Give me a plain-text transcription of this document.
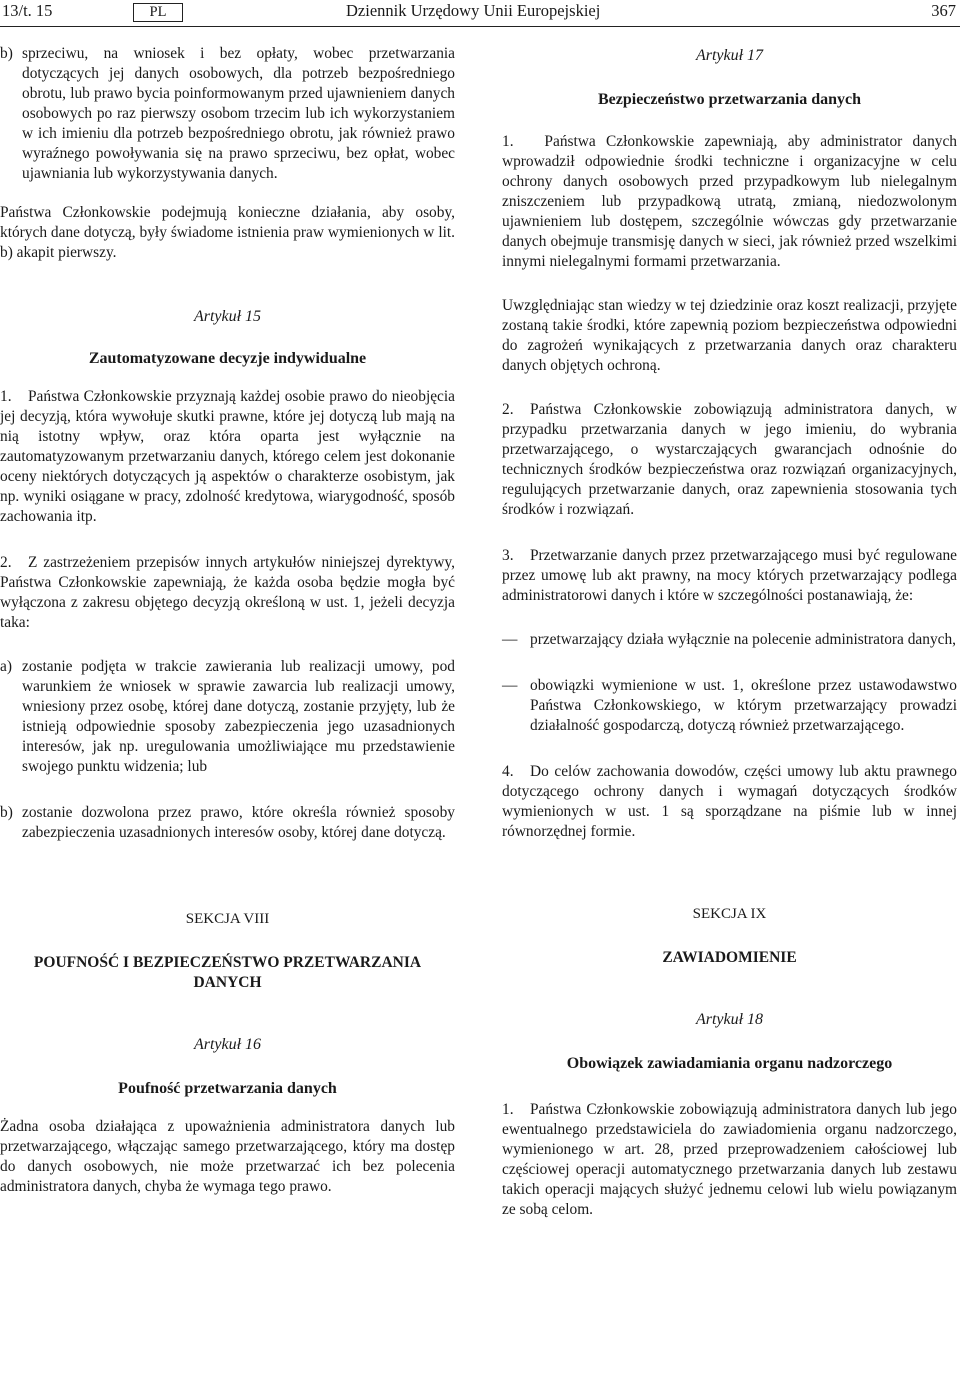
13/t. 15	PL	Dziennik Urzędowy Unii Europejskiej	367
b) sprzeciwu, na wniosek i bez opłaty, wobec przetwarzania dotyczących jej danych osobowych, dla potrzeb bezpośredniego obrotu, lub prawo bycia poinformowanym przed ujawnieniem danych osobowych po raz pierwszy osobom trzecim lub ich wykorzystaniem w ich imieniu dla potrzeb bezpośredniego obrotu, jak również prawo wyraźnego powoływania się na prawo sprzeciwu, bez opłat, wobec ujawniania lub wykorzystywania danych.

Państwa Członkowskie podejmują konieczne działania, aby osoby, których dane dotyczą, były świadome istnienia praw wymienionych w lit. b) akapit pierwszy.

Artykuł 15

Zautomatyzowane decyzje indywidualne

1. Państwa Członkowskie przyznają każdej osobie prawo do nieobjęcia jej decyzją, która wywołuje skutki prawne, które jej dotyczą lub mają na nią istotny wpływ, oraz która oparta jest wyłącznie na zautomatyzowanym przetwarzaniu danych, którego celem jest dokonanie oceny niektórych dotyczących ją aspektów o charakterze osobistym, jak np. wyniki osiągane w pracy, zdolność kredytowa, wiarygodność, sposób zachowania itp.

2. Z zastrzeżeniem przepisów innych artykułów niniejszej dyrektywy, Państwa Członkowskie zapewniają, że każda osoba będzie mogła być wyłączona z zakresu objętego decyzją określoną w ust. 1, jeżeli decyzja taka:

a) zostanie podjęta w trakcie zawierania lub realizacji umowy, pod warunkiem że wniosek w sprawie zawarcia lub realizacji umowy, wniesiony przez osobę, której dane dotyczą, zostanie przyjęty, lub że istnieją odpowiednie sposoby zabezpieczenia jego uzasadnionych interesów, jak np. uregulowania umożliwiające mu przedstawienie swojego punktu widzenia; lub
b) zostanie dozwolona przez prawo, które określa również sposoby zabezpieczenia uzasadnionych interesów osoby, której dane dotyczą.

SEKCJA VIII

POUFNOŚĆ I BEZPIECZEŃSTWO PRZETWARZANIA DANYCH

Artykuł 16

Poufność przetwarzania danych

Żadna osoba działająca z upoważnienia administratora danych lub przetwarzającego, włączając samego przetwarzającego, który ma dostęp do danych osobowych, nie może przetwarzać ich bez polecenia administratora danych, chyba że wymaga tego prawo.

Artykuł 17

Bezpieczeństwo przetwarzania danych

1. Państwa Członkowskie zapewniają, aby administrator danych wprowadził odpowiednie środki techniczne i organizacyjne w celu ochrony danych osobowych przed przypadkowym lub nielegalnym zniszczeniem lub przypadkową utratą, zmianą, niedozwolonym ujawnieniem lub dostępem, szczególnie wówczas gdy przetwarzanie danych obejmuje transmisję danych w sieci, jak również przed wszelkimi innymi nielegalnymi formami przetwarzania.

Uwzględniając stan wiedzy w tej dziedzinie oraz koszt realizacji, przyjęte zostaną takie środki, które zapewnią poziom bezpieczeństwa odpowiedni do zagrożeń wynikających z przetwarzania danych oraz charakteru danych objętych ochroną.

2. Państwa Członkowskie zobowiązują administratora danych, w przypadku przetwarzania danych w jego imieniu, do wybrania przetwarzającego, o wystarczających gwarancjach odnośnie do technicznych środków bezpieczeństwa oraz rozwiązań organizacyjnych, regulujących przetwarzanie danych, oraz zapewnienia stosowania tych środków i rozwiązań.

3. Przetwarzanie danych przez przetwarzającego musi być regulowane przez umowę lub akt prawny, na mocy których przetwarzający podlega administratorowi danych i które w szczególności postanawiają, że:

— przetwarzający działa wyłącznie na polecenie administratora danych,
— obowiązki wymienione w ust. 1, określone przez ustawodawstwo Państwa Członkowskiego, w którym przetwarzający prowadzi działalność gospodarczą, dotyczą również przetwarzającego.

4. Do celów zachowania dowodów, części umowy lub aktu prawnego dotyczącego ochrony danych i wymagań dotyczących środków wymienionych w ust. 1 są sporządzane na piśmie lub w innej równorzędnej formie.

SEKCJA IX

ZAWIADOMIENIE

Artykuł 18

Obowiązek zawiadamiania organu nadzorczego

1. Państwa Członkowskie zobowiązują administratora danych lub jego ewentualnego przedstawiciela do zawiadomienia organu nadzorczego, wymienionego w art. 28, przed przeprowadzeniem całościowej lub częściowej operacji automatycznego przetwarzania danych lub zestawu takich operacji mających służyć jednemu celowi lub wielu powiązanym ze sobą celom.
